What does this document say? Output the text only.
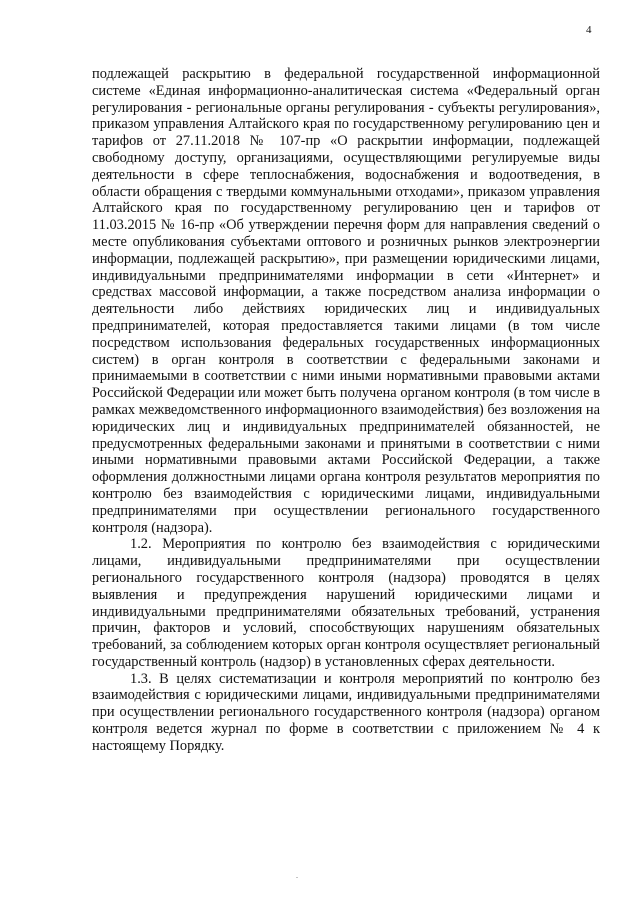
4

подлежащей раскрытию в федеральной государственной информационной системе «Единая информационно-аналитическая система «Федеральный орган регулирования - региональные органы регулирования - субъекты регулирования», приказом управления Алтайского края по государственному регулированию цен и тарифов от 27.11.2018 № 107-пр «О раскрытии информации, подлежащей свободному доступу, организациями, осуществляющими регулируемые виды деятельности в сфере теплоснабжения, водоснабжения и водоотведения, в области обращения с твердыми коммунальными отходами», приказом управления Алтайского края по государственному регулированию цен и тарифов от 11.03.2015 № 16-пр «Об утверждении перечня форм для направления сведений о месте опубликования субъектами оптового и розничных рынков электроэнергии информации, подлежащей раскрытию», при размещении юридическими лицами, индивидуальными предпринимателями информации в сети «Интернет» и средствах массовой информации, а также посредством анализа информации о деятельности либо действиях юридических лиц и индивидуальных предпринимателей, которая предоставляется такими лицами (в том числе посредством использования федеральных государственных информационных систем) в орган контроля в соответствии с федеральными законами и принимаемыми в соответствии с ними иными нормативными правовыми актами Российской Федерации или может быть получена органом контроля (в том числе в рамках межведомственного информационного взаимодействия) без возложения на юридических лиц и индивидуальных предпринимателей обязанностей, не предусмотренных федеральными законами и принятыми в соответствии с ними иными нормативными правовыми актами Российской Федерации, а также оформления должностными лицами органа контроля результатов мероприятия по контролю без взаимодействия с юридическими лицами, индивидуальными предпринимателями при осуществлении регионального государственного контроля (надзора).

1.2. Мероприятия по контролю без взаимодействия с юридическими лицами, индивидуальными предпринимателями при осуществлении регионального государственного контроля (надзора) проводятся в целях выявления и предупреждения нарушений юридическими лицами и индивидуальными предпринимателями обязательных требований, устранения причин, факторов и условий, способствующих нарушениям обязательных требований, за соблюдением которых орган контроля осуществляет региональный государственный контроль (надзор) в установленных сферах деятельности.

1.3. В целях систематизации и контроля мероприятий по контролю без взаимодействия с юридическими лицами, индивидуальными предпринимателями при осуществлении регионального государственного контроля (надзора) органом контроля ведется журнал по форме в соответствии с приложением № 4 к настоящему Порядку.

.
